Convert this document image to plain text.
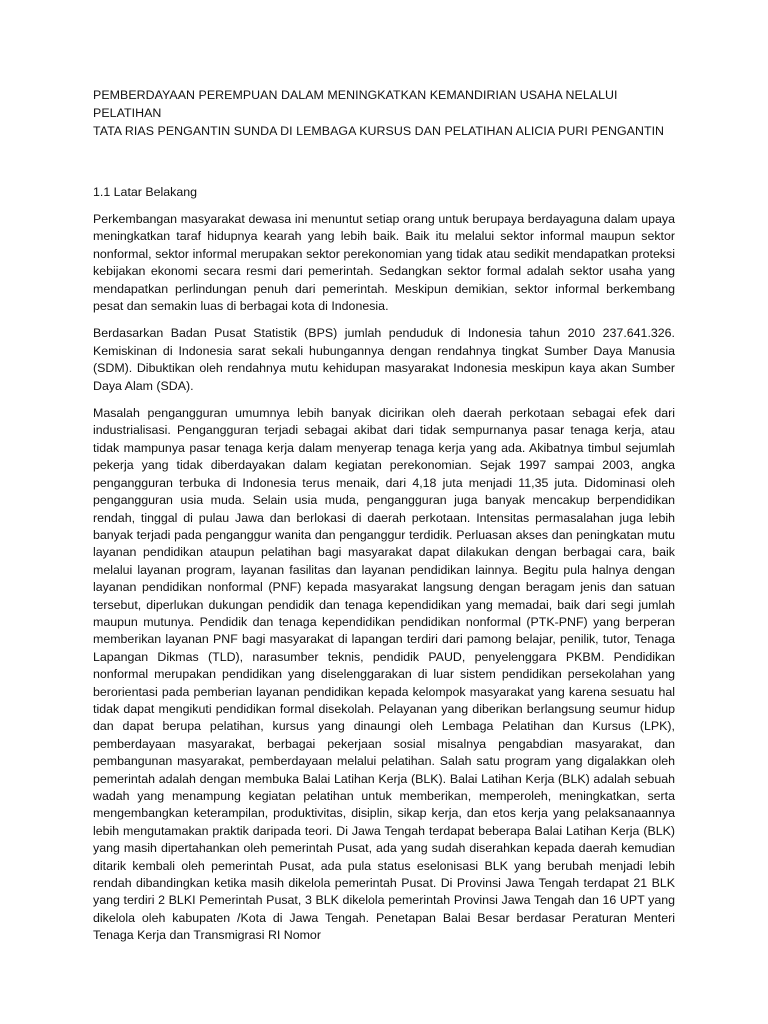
PEMBERDAYAAN PEREMPUAN DALAM MENINGKATKAN KEMANDIRIAN USAHA NELALUI PELATIHAN
TATA RIAS PENGANTIN SUNDA DI LEMBAGA KURSUS DAN PELATIHAN ALICIA PURI PENGANTIN
1.1 Latar Belakang

Perkembangan masyarakat dewasa ini menuntut setiap orang untuk berupaya berdayaguna dalam upaya meningkatkan taraf hidupnya kearah yang lebih baik. Baik itu melalui sektor informal maupun sektor nonformal, sektor informal merupakan sektor perekonomian yang tidak atau sedikit mendapatkan proteksi kebijakan ekonomi secara resmi dari pemerintah. Sedangkan sektor formal adalah sektor usaha yang mendapatkan perlindungan penuh dari pemerintah. Meskipun demikian, sektor informal berkembang pesat dan semakin luas di berbagai kota di Indonesia.

Berdasarkan Badan Pusat Statistik (BPS) jumlah penduduk di Indonesia tahun 2010 237.641.326. Kemiskinan di Indonesia sarat sekali hubungannya dengan rendahnya tingkat Sumber Daya Manusia (SDM). Dibuktikan oleh rendahnya mutu kehidupan masyarakat Indonesia meskipun kaya akan Sumber Daya Alam (SDA).

Masalah pengangguran umumnya lebih banyak dicirikan oleh daerah perkotaan sebagai efek dari industrialisasi. Pengangguran terjadi sebagai akibat dari tidak sempurnanya pasar tenaga kerja, atau tidak mampunya pasar tenaga kerja dalam menyerap tenaga kerja yang ada. Akibatnya timbul sejumlah pekerja yang tidak diberdayakan dalam kegiatan perekonomian. Sejak 1997 sampai 2003, angka pengangguran terbuka di Indonesia terus menaik, dari 4,18 juta menjadi 11,35 juta. Didominasi oleh pengangguran usia muda. Selain usia muda, pengangguran juga banyak mencakup berpendidikan rendah, tinggal di pulau Jawa dan berlokasi di daerah perkotaan. Intensitas permasalahan juga lebih banyak terjadi pada penganggur wanita dan penganggur terdidik. Perluasan akses dan peningkatan mutu layanan pendidikan ataupun pelatihan bagi masyarakat dapat dilakukan dengan berbagai cara, baik melalui layanan program, layanan fasilitas dan layanan pendidikan lainnya. Begitu pula halnya dengan layanan pendidikan nonformal (PNF) kepada masyarakat langsung dengan beragam jenis dan satuan tersebut, diperlukan dukungan pendidik dan tenaga kependidikan yang memadai, baik dari segi jumlah maupun mutunya. Pendidik dan tenaga kependidikan pendidikan nonformal (PTK-PNF) yang berperan memberikan layanan PNF bagi masyarakat di lapangan terdiri dari pamong belajar, penilik, tutor, Tenaga Lapangan Dikmas (TLD), narasumber teknis, pendidik PAUD, penyelenggara PKBM. Pendidikan nonformal merupakan pendidikan yang diselenggarakan di luar sistem pendidikan persekolahan yang berorientasi pada pemberian layanan pendidikan kepada kelompok masyarakat yang karena sesuatu hal tidak dapat mengikuti pendidikan formal disekolah. Pelayanan yang diberikan berlangsung seumur hidup dan dapat berupa pelatihan, kursus yang dinaungi oleh Lembaga Pelatihan dan Kursus (LPK), pemberdayaan masyarakat, berbagai pekerjaan sosial misalnya pengabdian masyarakat, dan pembangunan masyarakat, pemberdayaan melalui pelatihan. Salah satu program yang digalakkan oleh pemerintah adalah dengan membuka Balai Latihan Kerja (BLK). Balai Latihan Kerja (BLK) adalah sebuah wadah yang menampung kegiatan pelatihan untuk memberikan, memperoleh, meningkatkan, serta mengembangkan keterampilan, produktivitas, disiplin, sikap kerja, dan etos kerja yang pelaksanaannya lebih mengutamakan praktik daripada teori. Di Jawa Tengah terdapat beberapa Balai Latihan Kerja (BLK) yang masih dipertahankan oleh pemerintah Pusat, ada yang sudah diserahkan kepada daerah kemudian ditarik kembali oleh pemerintah Pusat, ada pula status eselonisasi BLK yang berubah menjadi lebih rendah dibandingkan ketika masih dikelola pemerintah Pusat. Di Provinsi Jawa Tengah terdapat 21 BLK yang terdiri 2 BLKI Pemerintah Pusat, 3 BLK dikelola pemerintah Provinsi Jawa Tengah dan 16 UPT yang dikelola oleh kabupaten /Kota di Jawa Tengah. Penetapan Balai Besar berdasar Peraturan Menteri Tenaga Kerja dan Transmigrasi RI Nomor
